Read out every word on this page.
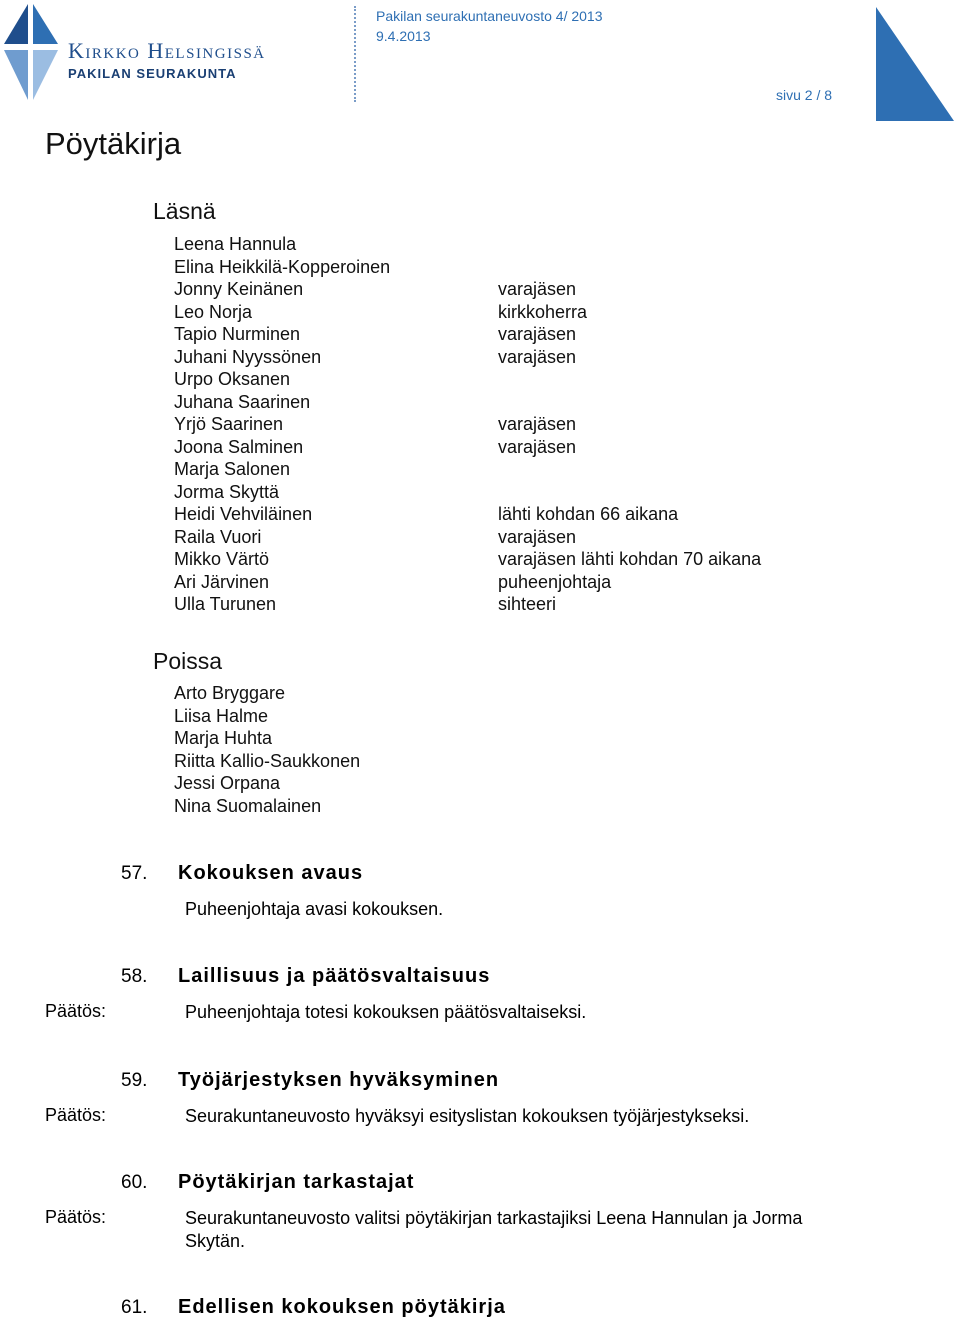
Kirkko Helsingissä
PAKILAN SEURAKUNTA
Pakilan seurakuntaneuvosto 4/ 2013
9.4.2013
sivu 2 / 8
Pöytäkirja
Läsnä
Leena Hannula
Elina Heikkilä-Kopperoinen
Jonny Keinänen	varajäsen
Leo Norja	kirkkoherra
Tapio Nurminen	varajäsen
Juhani Nyyssönen	varajäsen
Urpo Oksanen
Juhana Saarinen
Yrjö Saarinen	varajäsen
Joona Salminen	varajäsen
Marja Salonen
Jorma Skyttä
Heidi Vehviläinen	lähti kohdan 66 aikana
Raila Vuori	varajäsen
Mikko Värtö	varajäsen lähti kohdan 70 aikana
Ari Järvinen	puheenjohtaja
Ulla Turunen	sihteeri
Poissa
Arto Bryggare
Liisa Halme
Marja Huhta
Riitta Kallio-Saukkonen
Jessi Orpana
Nina Suomalainen
57. Kokouksen avaus
Puheenjohtaja avasi kokouksen.
58. Laillisuus ja päätösvaltaisuus
Päätös:	Puheenjohtaja totesi kokouksen päätösvaltaiseksi.
59. Työjärjestyksen hyväksyminen
Päätös:	Seurakuntaneuvosto hyväksyi esityslistan kokouksen työjärjestykseksi.
60. Pöytäkirjan tarkastajat
Päätös:	Seurakuntaneuvosto valitsi pöytäkirjan tarkastajiksi Leena Hannulan ja Jorma Skytän.
61. Edellisen kokouksen pöytäkirja
